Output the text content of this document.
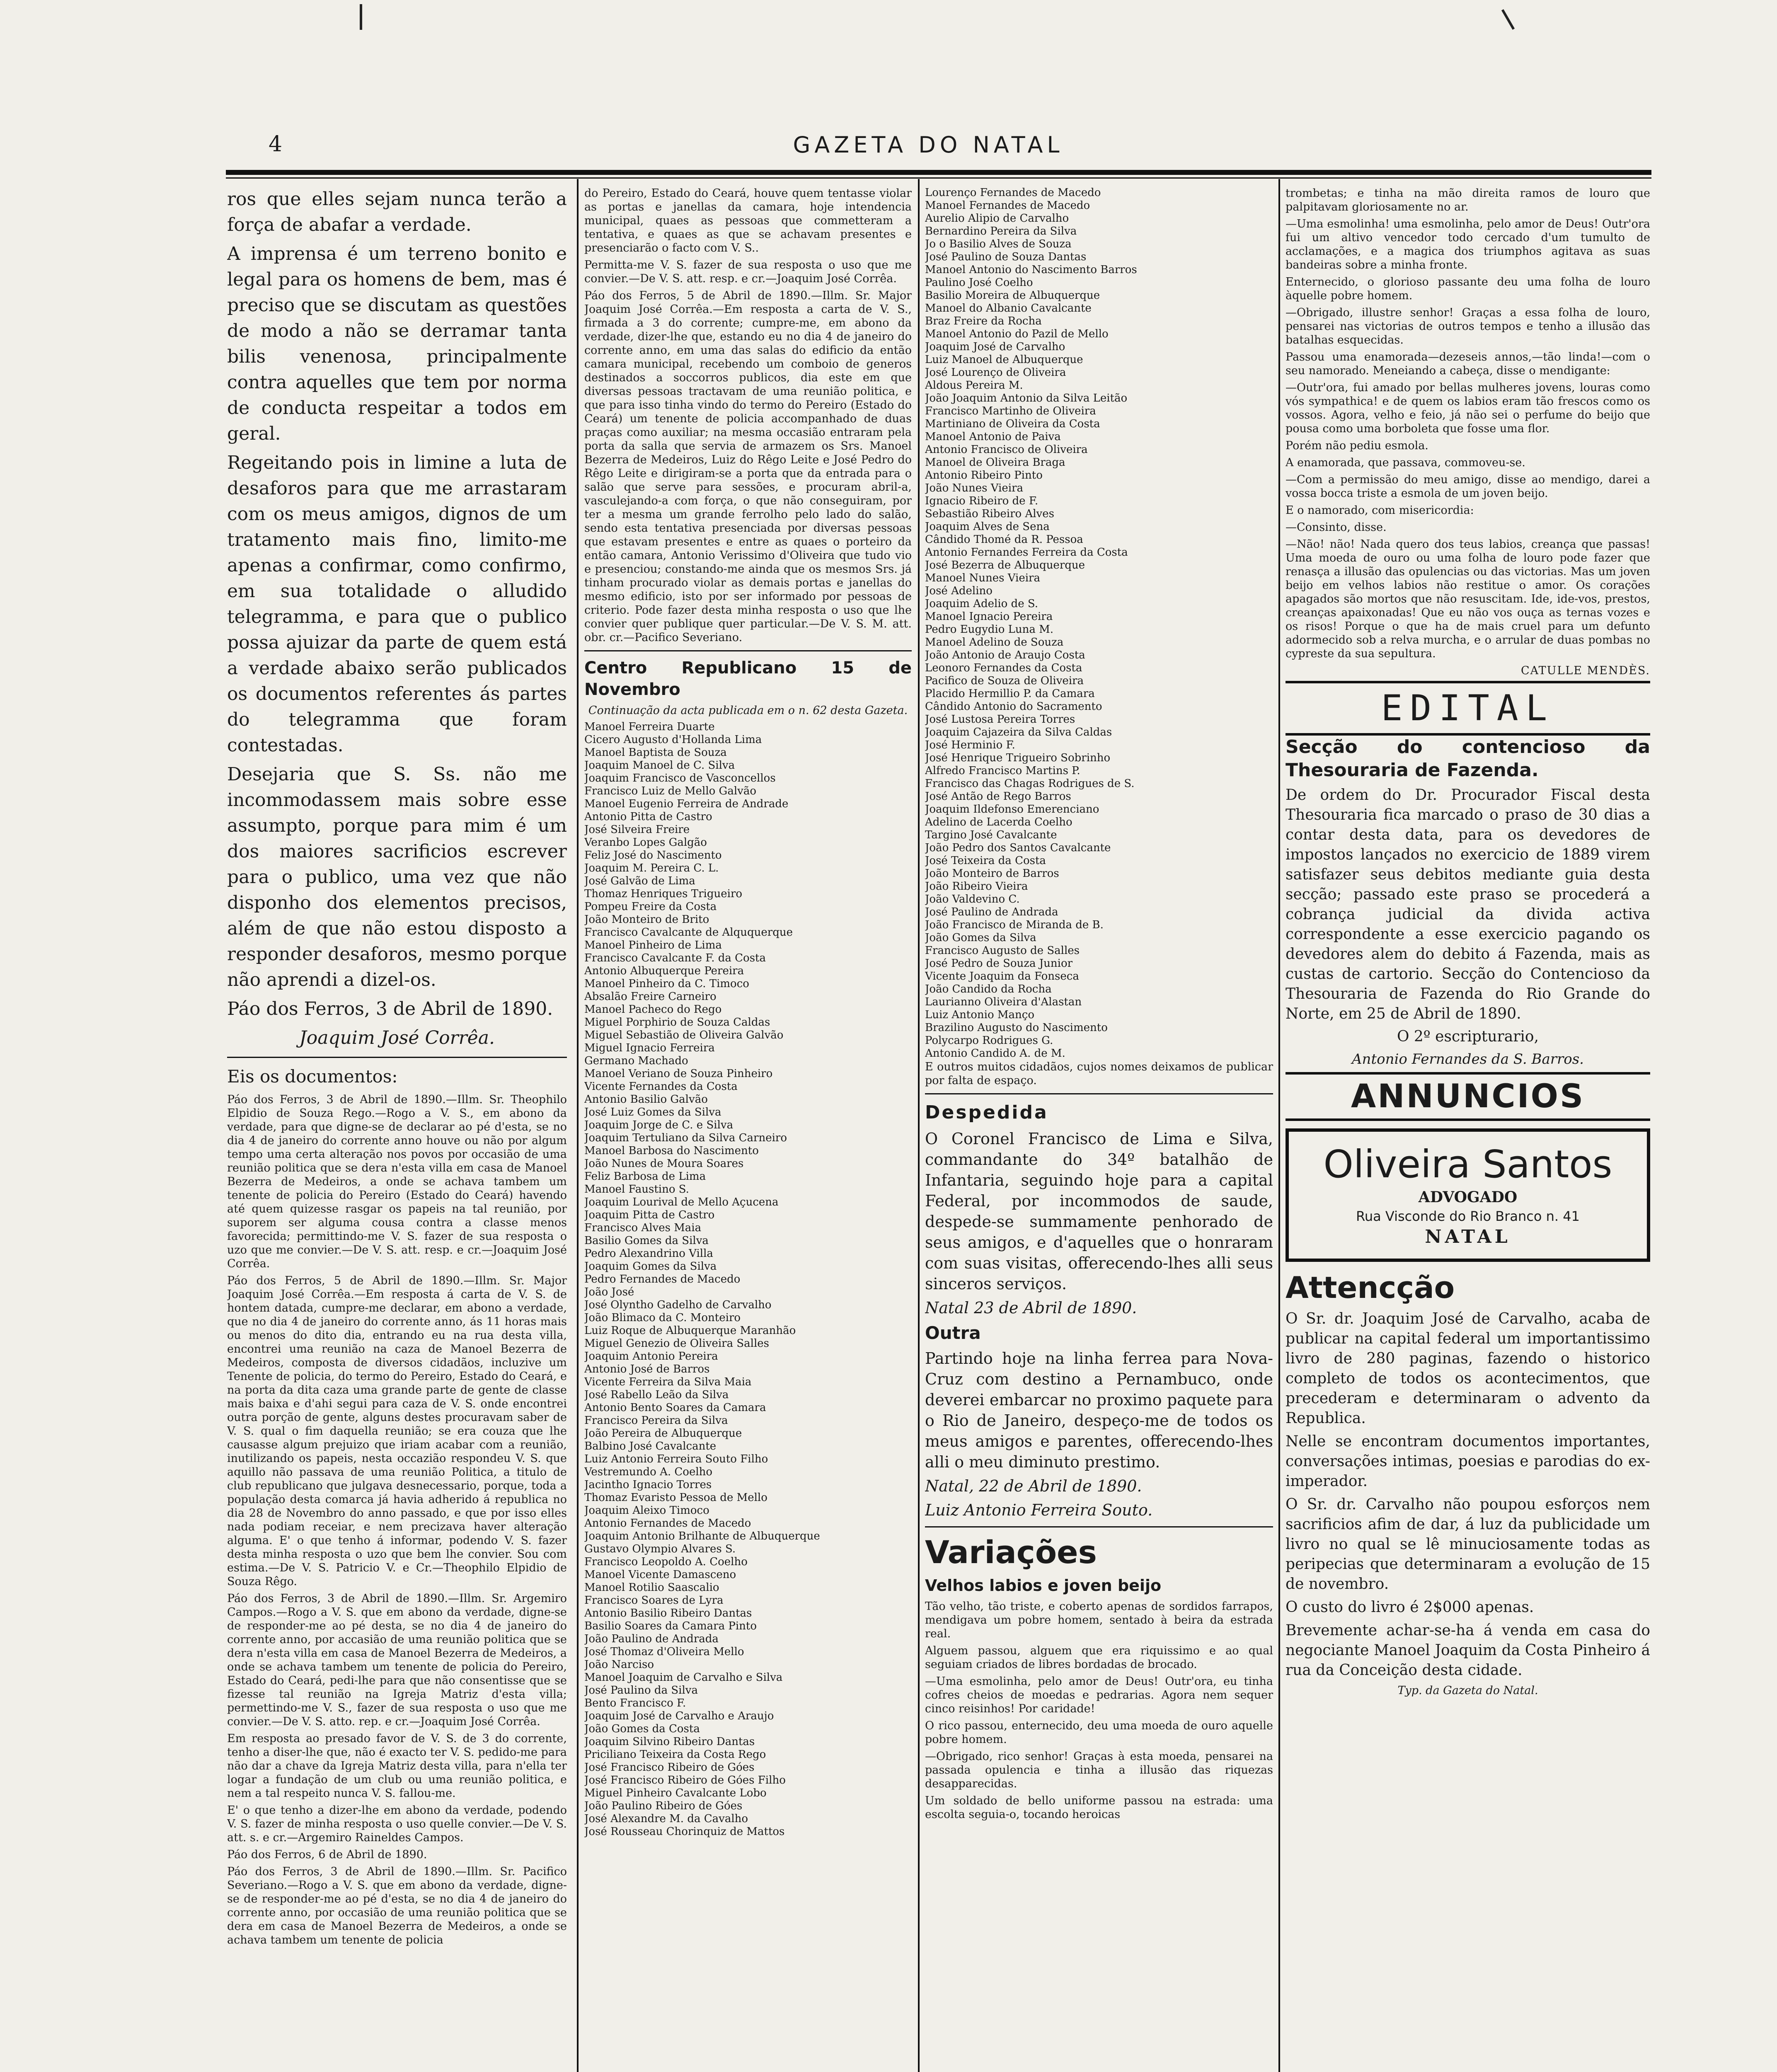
4	GAZETA DO NATAL

ros que elles sejam nunca terão a força de abafar a verdade.

A imprensa é um terreno bonito e legal para os homens de bem, mas é preciso que se discutam as questões de modo a não se derramar tanta bilis venenosa, principalmente contra aquelles que tem por norma de conducta respeitar a todos em geral.

Regeitando pois in limine a luta de desaforos para que me arrastaram com os meus amigos, dignos de um tratamento mais fino, limito-me apenas a confirmar, como confirmo, em sua totalidade o alludido telegramma, e para que o publico possa ajuizar da parte de quem está a verdade abaixo serão publicados os documentos referentes ás partes do telegramma que foram contestadas.

Desejaria que S. Ss. não me incommodassem mais sobre esse assumpto, porque para mim é um dos maiores sacrificios escrever para o publico, uma vez que não disponho dos elementos precisos, além de que não estou disposto a responder desaforos, mesmo porque não aprendi a dizel-os.

Páo dos Ferros, 3 de Abril de 1890.

Joaquim José Corrêa.

Eis os documentos:

Páo dos Ferros, 3 de Abril de 1890.—Illm. Sr. Theophilo Elpidio de Souza Rego.—Rogo a V. S., em abono da verdade, para que digne-se de declarar ao pé d'esta, se no dia 4 de janeiro do corrente anno houve ou não por algum tempo uma certa alteração nos povos por occasião de uma reunião politica que se dera n'esta villa em casa de Manoel Bezerra de Medeiros, a onde se achava tambem um tenente de policia do Pereiro (Estado do Ceará) havendo até quem quizesse rasgar os papeis na tal reunião, por suporem ser alguma cousa contra a classe menos favorecida; permittindo-me V. S. fazer de sua resposta o uzo que me convier.—De V. S. att. resp. e cr.—Joaquim José Corrêa.

Páo dos Ferros, 5 de Abril de 1890.—Illm. Sr. Major Joaquim José Corrêa.—Em resposta á carta de V. S. de hontem datada, cumpre-me declarar, em abono a verdade, que no dia 4 de janeiro do corrente anno, ás 11 horas mais ou menos do dito dia, entrando eu na rua desta villa, encontrei uma reunião na caza de Manoel Bezerra de Medeiros, composta de diversos cidadãos, incluzive um Tenente de policia, do termo do Pereiro, Estado do Ceará, e na porta da dita caza uma grande parte de gente de classe mais baixa e d'ahi segui para caza de V. S. onde encontrei outra porção de gente, alguns destes procuravam saber de V. S. qual o fim daquella reunião; se era couza que lhe causasse algum prejuizo que iriam acabar com a reunião, inutilizando os papeis, nesta occazião respondeu V. S. que aquillo não passava de uma reunião Politica, a titulo de club republicano que julgava desnecessario, porque, toda a população desta comarca já havia adherido á republica no dia 28 de Novembro do anno passado, e que por isso elles nada podiam receiar, e nem precizava haver alteração alguma. E' o que tenho á informar, podendo V. S. fazer desta minha resposta o uzo que bem lhe convier. Sou com estima.—De V. S. Patricio V. e Cr.—Theophilo Elpidio de Souza Rêgo.

Páo dos Ferros, 3 de Abril de 1890.—Illm. Sr. Argemiro Campos.—Rogo a V. S. que em abono da verdade, digne-se de responder-me ao pé desta, se no dia 4 de janeiro do corrente anno, por accasião de uma reunião politica que se dera n'esta villa em casa de Manoel Bezerra de Medeiros, a onde se achava tambem um tenente de policia do Pereiro, Estado do Ceará, pedi-lhe para que não consentisse que se fizesse tal reunião na Igreja Matriz d'esta villa; permettindo-me V. S., fazer de sua resposta o uso que me convier.—De V. S. atto. rep. e cr.—Joaquim José Corrêa.

Em resposta ao presado favor de V. S. de 3 do corrente, tenho a diser-lhe que, não é exacto ter V. S. pedido-me para não dar a chave da Igreja Matriz desta villa, para n'ella ter logar a fundação de um club ou uma reunião politica, e nem a tal respeito nunca V. S. fallou-me.

E' o que tenho a dizer-lhe em abono da verdade, podendo V. S. fazer de minha resposta o uso quelle convier.—De V. S. att. s. e cr.—Argemiro Raineldes Campos.

Páo dos Ferros, 6 de Abril de 1890.

Páo dos Ferros, 3 de Abril de 1890.—Illm. Sr. Pacifico Severiano.—Rogo a V. S. que em abono da verdade, digne-se de responder-me ao pé d'esta, se no dia 4 de janeiro do corrente anno, por occasião de uma reunião politica que se dera em casa de Manoel Bezerra de Medeiros, a onde se achava tambem um tenente de policia

do Pereiro, Estado do Ceará, houve quem tentasse violar as portas e janellas da camara, hoje intendencia municipal, quaes as pessoas que commetteram a tentativa, e quaes as que se achavam presentes e presenciarão o facto com V. S..

Permitta-me V. S. fazer de sua resposta o uso que me convier.—De V. S. att. resp. e cr.—Joaquim José Corrêa.

Páo dos Ferros, 5 de Abril de 1890.—Illm. Sr. Major Joaquim José Corrêa.—Em resposta a carta de V. S., firmada a 3 do corrente; cumpre-me, em abono da verdade, dizer-lhe que, estando eu no dia 4 de janeiro do corrente anno, em uma das salas do edificio da então camara municipal, recebendo um comboio de generos destinados a soccorros publicos, dia este em que diversas pessoas tractavam de uma reunião politica, e que para isso tinha vindo do termo do Pereiro (Estado do Ceará) um tenente de policia accompanhado de duas praças como auxiliar; na mesma occasião entraram pela porta da salla que servia de armazem os Srs. Manoel Bezerra de Medeiros, Luiz do Rêgo Leite e José Pedro do Rêgo Leite e dirigiram-se a porta que da entrada para o salão que serve para sessões, e procuram abril-a, vasculejando-a com força, o que não conseguiram, por ter a mesma um grande ferrolho pelo lado do salão, sendo esta tentativa presenciada por diversas pessoas que estavam presentes e entre as quaes o porteiro da então camara, Antonio Verissimo d'Oliveira que tudo vio e presenciou; constando-me ainda que os mesmos Srs. já tinham procurado violar as demais portas e janellas do mesmo edificio, isto por ser informado por pessoas de criterio. Pode fazer desta minha resposta o uso que lhe convier quer publique quer particular.—De V. S. M. att. obr. cr.—Pacifico Severiano.

Centro Republicano 15 de Novembro

Continuação da acta publicada em o n. 62 desta Gazeta.

Manoel Ferreira Duarte
Cicero Augusto d'Hollanda Lima
Manoel Baptista de Souza
Joaquim Manoel de C. Silva
Joaquim Francisco de Vasconcellos
Francisco Luiz de Mello Galvão
Manoel Eugenio Ferreira de Andrade
Antonio Pitta de Castro
José Silveira Freire
Veranbo Lopes Galgão
Feliz José do Nascimento
Joaquim M. Pereira C. L.
José Galvão de Lima
Thomaz Henriques Trigueiro
Pompeu Freire da Costa
João Monteiro de Brito
Francisco Cavalcante de Alququerque
Manoel Pinheiro de Lima
Francisco Cavalcante F. da Costa
Antonio Albuquerque Pereira
Manoel Pinheiro da C. Timoco
Absalão Freire Carneiro
Manoel Pacheco do Rego
Miguel Porphirio de Souza Caldas
Miguel Sebastião de Oliveira Galvão
Miguel Ignacio Ferreira
Germano Machado
Manoel Veriano de Souza Pinheiro
Vicente Fernandes da Costa
Antonio Basilio Galvão
José Luiz Gomes da Silva
Joaquim Jorge de C. e Silva
Joaquim Tertuliano da Silva Carneiro
Manoel Barbosa do Nascimento
João Nunes de Moura Soares
Feliz Barbosa de Lima
Manoel Faustino S.
Joaquim Lourival de Mello Açucena
Joaquim Pitta de Castro
Francisco Alves Maia
Basilio Gomes da Silva
Pedro Alexandrino Villa
Joaquim Gomes da Silva
Pedro Fernandes de Macedo
João José
José Olyntho Gadelho de Carvalho
João Blimaco da C. Monteiro
Luiz Roque de Albuquerque Maranhão
Miguel Genezio de Oliveira Salles
Joaquim Antonio Pereira
Antonio José de Barros
Vicente Ferreira da Silva Maia
José Rabello Leão da Silva
Antonio Bento Soares da Camara
Francisco Pereira da Silva
João Pereira de Albuquerque
Balbino José Cavalcante
Luiz Antonio Ferreira Souto Filho
Vestremundo A. Coelho
Jacintho Ignacio Torres
Thomaz Evaristo Pessoa de Mello
Joaquim Aleixo Timoco
Antonio Fernandes de Macedo
Joaquim Antonio Brilhante de Albuquerque
Gustavo Olympio Alvares S.
Francisco Leopoldo A. Coelho
Manoel Vicente Damasceno
Manoel Rotilio Saascalio
Francisco Soares de Lyra
Antonio Basilio Ribeiro Dantas
Basilio Soares da Camara Pinto
João Paulino de Andrada
José Thomaz d'Oliveira Mello
João Narciso
Manoel Joaquim de Carvalho e Silva
José Paulino da Silva
Bento Francisco F.
Joaquim José de Carvalho e Araujo
João Gomes da Costa
Joaquim Silvino Ribeiro Dantas
Priciliano Teixeira da Costa Rego
José Francisco Ribeiro de Góes
José Francisco Ribeiro de Góes Filho
Miguel Pinheiro Cavalcante Lobo
João Paulino Ribeiro de Góes
José Alexandre M. da Cavalho
José Rousseau Chorinquiz de Mattos
Lourenço Fernandes de Macedo
Manoel Fernandes de Macedo
Aurelio Alipio de Carvalho
Bernardino Pereira da Silva
Jo o Basilio Alves de Souza
José Paulino de Souza Dantas
Manoel Antonio do Nascimento Barros
Paulino José Coelho
Basilio Moreira de Albuquerque
Manoel do Albanio Cavalcante
Braz Freire da Rocha
Manoel Antonio do Pazil de Mello
Joaquim José de Carvalho
Luiz Manoel de Albuquerque
José Lourenço de Oliveira
Aldous Pereira M.
João Joaquim Antonio da Silva Leitão
Francisco Martinho de Oliveira
Martiniano de Oliveira da Costa
Manoel Antonio de Paiva
Antonio Francisco de Oliveira
Manoel de Oliveira Braga
Antonio Ribeiro Pinto
João Nunes Vieira
Ignacio Ribeiro de F.
Sebastião Ribeiro Alves
Joaquim Alves de Sena
Cândido Thomé da R. Pessoa
Antonio Fernandes Ferreira da Costa
José Bezerra de Albuquerque
Manoel Nunes Vieira
José Adelino
Joaquim Adelio de S.
Manoel Ignacio Pereira
Pedro Eugydio Luna M.
Manoel Adelino de Souza
João Antonio de Araujo Costa
Leonoro Fernandes da Costa
Pacifico de Souza de Oliveira
Placido Hermillio P. da Camara
Cândido Antonio do Sacramento
José Lustosa Pereira Torres
Joaquim Cajazeira da Silva Caldas
José Herminio F.
José Henrique Trigueiro Sobrinho
Alfredo Francisco Martins P.
Francisco das Chagas Rodrigues de S.
José Antão de Rego Barros
Joaquim Ildefonso Emerenciano
Adelino de Lacerda Coelho
Targino José Cavalcante
João Pedro dos Santos Cavalcante
José Teixeira da Costa
João Monteiro de Barros
João Ribeiro Vieira
João Valdevino C.
José Paulino de Andrada
João Francisco de Miranda de B.
João Gomes da Silva
Francisco Augusto de Salles
José Pedro de Souza Junior
Vicente Joaquim da Fonseca
João Candido da Rocha
Laurianno Oliveira d'Alastan
Luiz Antonio Manço
Brazilino Augusto do Nascimento
Polycarpo Rodrigues G.
Antonio Candido A. de M.

E outros muitos cidadãos, cujos nomes deixamos de publicar por falta de espaço.

Despedida

O Coronel Francisco de Lima e Silva, commandante do 34º batalhão de Infantaria, seguindo hoje para a capital Federal, por incommodos de saude, despede-se summamente penhorado de seus amigos, e d'aquelles que o honraram com suas visitas, offerecendo-lhes alli seus sinceros serviços.

Natal 23 de Abril de 1890.

Outra

Partindo hoje na linha ferrea para Nova-Cruz com destino a Pernambuco, onde deverei embarcar no proximo paquete para o Rio de Janeiro, despeço-me de todos os meus amigos e parentes, offerecendo-lhes alli o meu diminuto prestimo.

Natal, 22 de Abril de 1890.

Luiz Antonio Ferreira Souto.

Variações

Velhos labios e joven beijo

Tão velho, tão triste, e coberto apenas de sordidos farrapos, mendigava um pobre homem, sentado à beira da estrada real.

Alguem passou, alguem que era riquissimo e ao qual seguiam criados de libres bordadas de brocado.

—Uma esmolinha, pelo amor de Deus! Outr'ora, eu tinha cofres cheios de moedas e pedrarias. Agora nem sequer cinco reisinhos! Por caridade!

O rico passou, enternecido, deu uma moeda de ouro aquelle pobre homem.

—Obrigado, rico senhor! Graças à esta moeda, pensarei na passada opulencia e tinha a illusão das riquezas desapparecidas.

Um soldado de bello uniforme passou na estrada: uma escolta seguia-o, tocando heroicas

trombetas; e tinha na mão direita ramos de louro que palpitavam gloriosamente no ar.

—Uma esmolinha! uma esmolinha, pelo amor de Deus! Outr'ora fui um altivo vencedor todo cercado d'um tumulto de acclamações, e a magica dos triumphos agitava as suas bandeiras sobre a minha fronte.

Enternecido, o glorioso passante deu uma folha de louro àquelle pobre homem.

—Obrigado, illustre senhor! Graças a essa folha de louro, pensarei nas victorias de outros tempos e tenho a illusão das batalhas esquecidas.

Passou uma enamorada—dezeseis annos,—tão linda!—com o seu namorado. Meneiando a cabeça, disse o mendigante:

—Outr'ora, fui amado por bellas mulheres jovens, louras como vós sympathica! e de quem os labios eram tão frescos como os vossos. Agora, velho e feio, já não sei o perfume do beijo que pousa como uma borboleta que fosse uma flor.

Porém não pediu esmola.

A enamorada, que passava, commoveu-se.

—Com a permissão do meu amigo, disse ao mendigo, darei a vossa bocca triste a esmola de um joven beijo.

E o namorado, com misericordia:

—Consinto, disse.

—Não! não! Nada quero dos teus labios, creança que passas! Uma moeda de ouro ou uma folha de louro pode fazer que renasça a illusão das opulencias ou das victorias. Mas um joven beijo em velhos labios não restitue o amor. Os corações apagados são mortos que não resuscitam. Ide, ide-vos, prestos, creanças apaixonadas! Que eu não vos ouça as ternas vozes e os risos! Porque o que ha de mais cruel para um defunto adormecido sob a relva murcha, e o arrular de duas pombas no cypreste da sua sepultura.

CATULLE MENDÈS.

EDITAL

Secção do contencioso da Thesouraria de Fazenda.

De ordem do Dr. Procurador Fiscal desta Thesouraria fica marcado o praso de 30 dias a contar desta data, para os devedores de impostos lançados no exercicio de 1889 virem satisfazer seus debitos mediante guia desta secção; passado este praso se procederá a cobrança judicial da divida activa correspondente a esse exercicio pagando os devedores alem do debito á Fazenda, mais as custas de cartorio. Secção do Contencioso da Thesouraria de Fazenda do Rio Grande do Norte, em 25 de Abril de 1890.

O 2º escripturario,

Antonio Fernandes da S. Barros.

ANNUNCIOS
Oliveira Santos
ADVOGADO
Rua Visconde do Rio Branco n. 41
NATAL

Attencção

O Sr. dr. Joaquim José de Carvalho, acaba de publicar na capital federal um importantissimo livro de 280 paginas, fazendo o historico completo de todos os acontecimentos, que precederam e determinaram o advento da Republica.

Nelle se encontram documentos importantes, conversações intimas, poesias e parodias do ex-imperador.

O Sr. dr. Carvalho não poupou esforços nem sacrificios afim de dar, á luz da publicidade um livro no qual se lê minuciosamente todas as peripecias que determinaram a evolução de 15 de novembro.

O custo do livro é 2$000 apenas.

Brevemente achar-se-ha á venda em casa do negociante Manoel Joaquim da Costa Pinheiro á rua da Conceição desta cidade.

Typ. da Gazeta do Natal.
